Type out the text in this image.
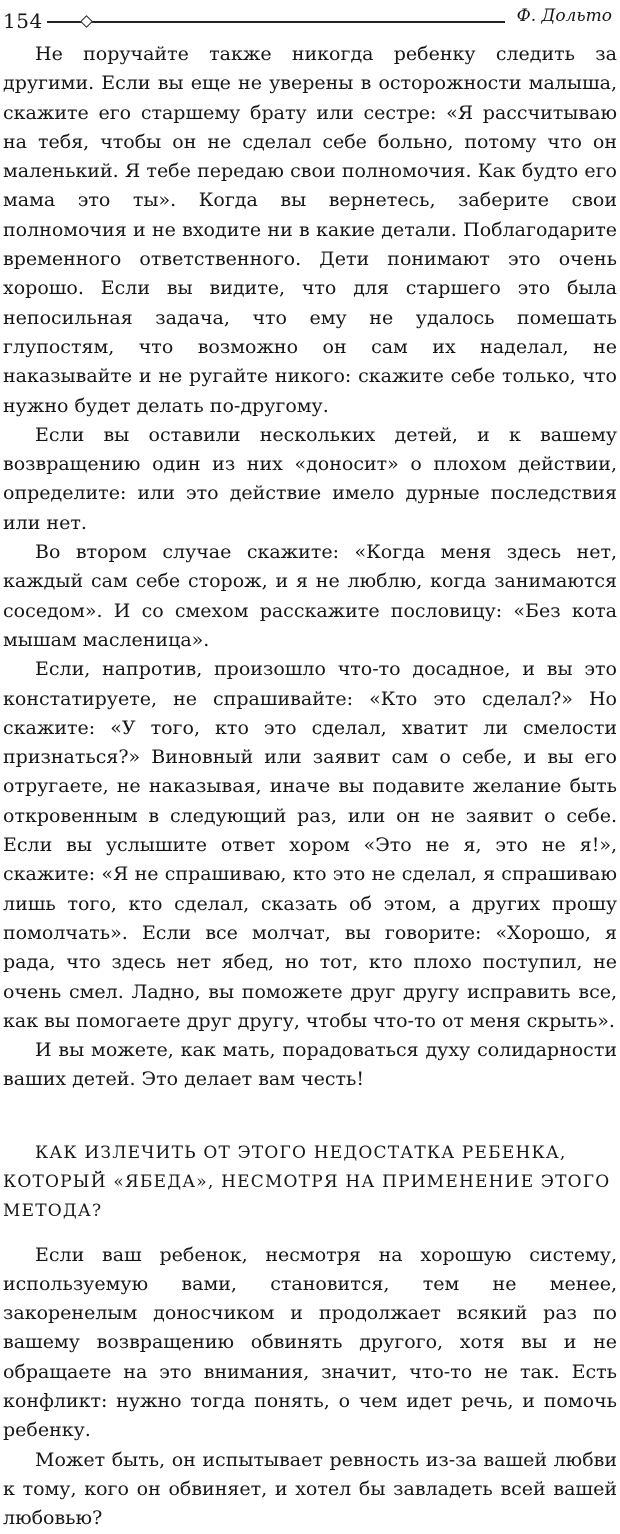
154	Ф. Дольто

Не поручайте также никогда ребенку следить за другими. Если вы еще не уверены в осторожности малыша, скажите его старшему брату или сестре: «Я рассчитываю на тебя, чтобы он не сделал себе больно, потому что он маленький. Я тебе передаю свои полномочия. Как будто его мама это ты». Когда вы вернетесь, заберите свои полномочия и не входите ни в какие детали. Поблагодарите временного ответственного. Дети понимают это очень хорошо. Если вы видите, что для старшего это была непосильная задача, что ему не удалось помешать глупостям, что возможно он сам их наделал, не наказывайте и не ругайте никого: скажите себе только, что нужно будет делать по-другому.

Если вы оставили нескольких детей, и к вашему возвращению один из них «доносит» о плохом действии, определите: или это действие имело дурные последствия или нет.

Во втором случае скажите: «Когда меня здесь нет, каждый сам себе сторож, и я не люблю, когда занимаются соседом». И со смехом расскажите пословицу: «Без кота мышам масленица».

Если, напротив, произошло что-то досадное, и вы это констатируете, не спрашивайте: «Кто это сделал?» Но скажите: «У того, кто это сделал, хватит ли смелости признаться?» Виновный или заявит сам о себе, и вы его отругаете, не наказывая, иначе вы подавите желание быть откровенным в следующий раз, или он не заявит о себе. Если вы услышите ответ хором «Это не я, это не я!», скажите: «Я не спрашиваю, кто это не сделал, я спрашиваю лишь того, кто сделал, сказать об этом, а других прошу помолчать». Если все молчат, вы говорите: «Хорошо, я рада, что здесь нет ябед, но тот, кто плохо поступил, не очень смел. Ладно, вы поможете друг другу исправить все, как вы помогаете друг другу, чтобы что-то от меня скрыть».

И вы можете, как мать, порадоваться духу солидарности ваших детей. Это делает вам честь!

КАК ИЗЛЕЧИТЬ ОТ ЭТОГО НЕДОСТАТКА РЕБЕНКА, КОТОРЫЙ «ЯБЕДА», НЕСМОТРЯ НА ПРИМЕНЕНИЕ ЭТОГО МЕТОДА?

Если ваш ребенок, несмотря на хорошую систему, используемую вами, становится, тем не менее, закоренелым доносчиком и продолжает всякий раз по вашему возвращению обвинять другого, хотя вы и не обращаете на это внимания, значит, что-то не так. Есть конфликт: нужно тогда понять, о чем идет речь, и помочь ребенку.

Может быть, он испытывает ревность из-за вашей любви к тому, кого он обвиняет, и хотел бы завладеть всей вашей любовью?
